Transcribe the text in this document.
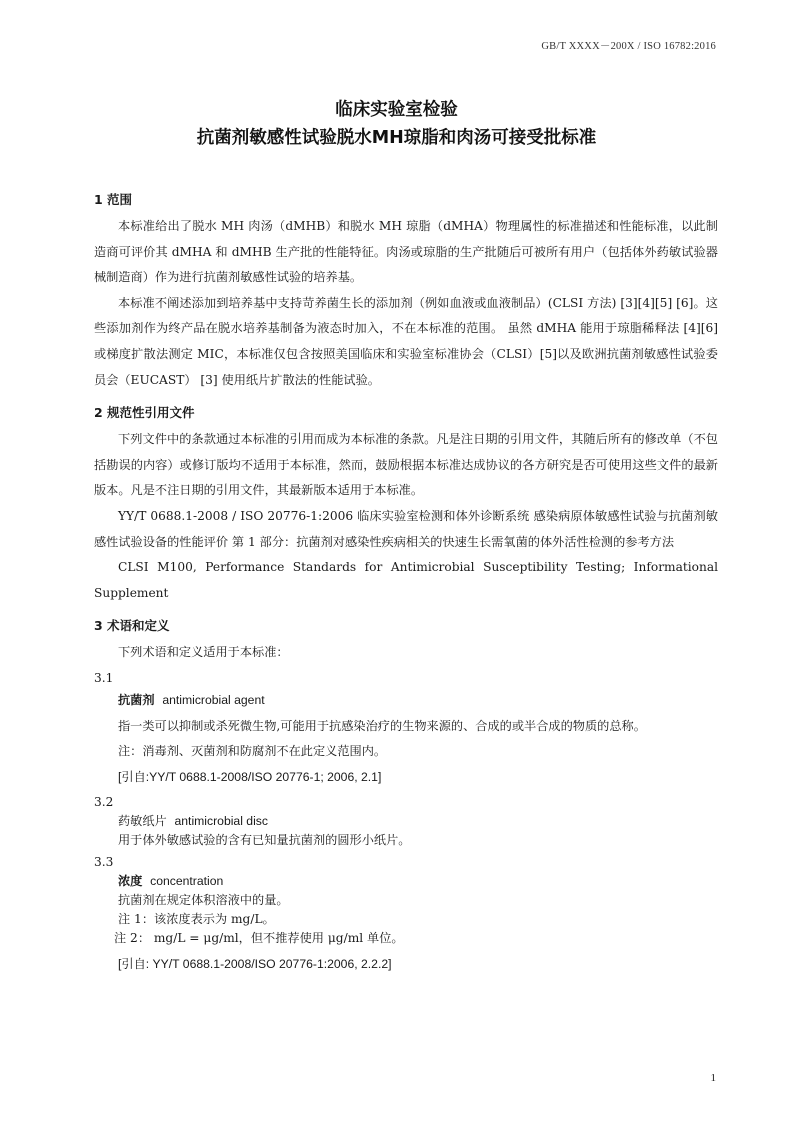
GB/T XXXX－200X / ISO 16782:2016
临床实验室检验
抗菌剂敏感性试验脱水MH琼脂和肉汤可接受批标准
1 范围

本标准给出了脱水 MH 肉汤（dMHB）和脱水 MH 琼脂（dMHA）物理属性的标准描述和性能标准，以此制造商可评价其 dMHA 和 dMHB 生产批的性能特征。肉汤或琼脂的生产批随后可被所有用户（包括体外药敏试验器械制造商）作为进行抗菌剂敏感性试验的培养基。

本标准不阐述添加到培养基中支持苛养菌生长的添加剂（例如血液或血液制品）(CLSI 方法) [3][4][5] [6]。这些添加剂作为终产品在脱水培养基制备为液态时加入，不在本标准的范围。 虽然 dMHA 能用于琼脂稀释法 [4][6]或梯度扩散法测定 MIC，本标准仅包含按照美国临床和实验室标准协会（CLSI）[5]以及欧洲抗菌剂敏感性试验委员会（EUCAST） [3] 使用纸片扩散法的性能试验。

2 规范性引用文件

下列文件中的条款通过本标准的引用而成为本标准的条款。凡是注日期的引用文件，其随后所有的修改单（不包括勘误的内容）或修订版均不适用于本标准，然而，鼓励根据本标准达成协议的各方研究是否可使用这些文件的最新版本。凡是不注日期的引用文件，其最新版本适用于本标准。

YY/T 0688.1-2008 / ISO 20776-1:2006 临床实验室检测和体外诊断系统 感染病原体敏感性试验与抗菌剂敏感性试验设备的性能评价 第 1 部分：抗菌剂对感染性疾病相关的快速生长需氧菌的体外活性检测的参考方法

CLSI M100, Performance Standards for Antimicrobial Susceptibility Testing; Informational Supplement

3 术语和定义

下列术语和定义适用于本标准：

3.1

抗菌剂 antimicrobial agent

指一类可以抑制或杀死微生物,可能用于抗感染治疗的生物来源的、合成的或半合成的物质的总称。

注：消毒剂、灭菌剂和防腐剂不在此定义范围内。

[引自:YY/T 0688.1-2008/ISO 20776-1; 2006, 2.1]

3.2

药敏纸片 antimicrobial disc

用于体外敏感试验的含有已知量抗菌剂的圆形小纸片。

3.3

浓度 concentration

抗菌剂在规定体积溶液中的量。

注 1：该浓度表示为 mg/L。

注 2： mg/L = μg/ml，但不推荐使用 μg/ml 单位。

[引自: YY/T 0688.1-2008/ISO 20776-1:2006, 2.2.2]

1
